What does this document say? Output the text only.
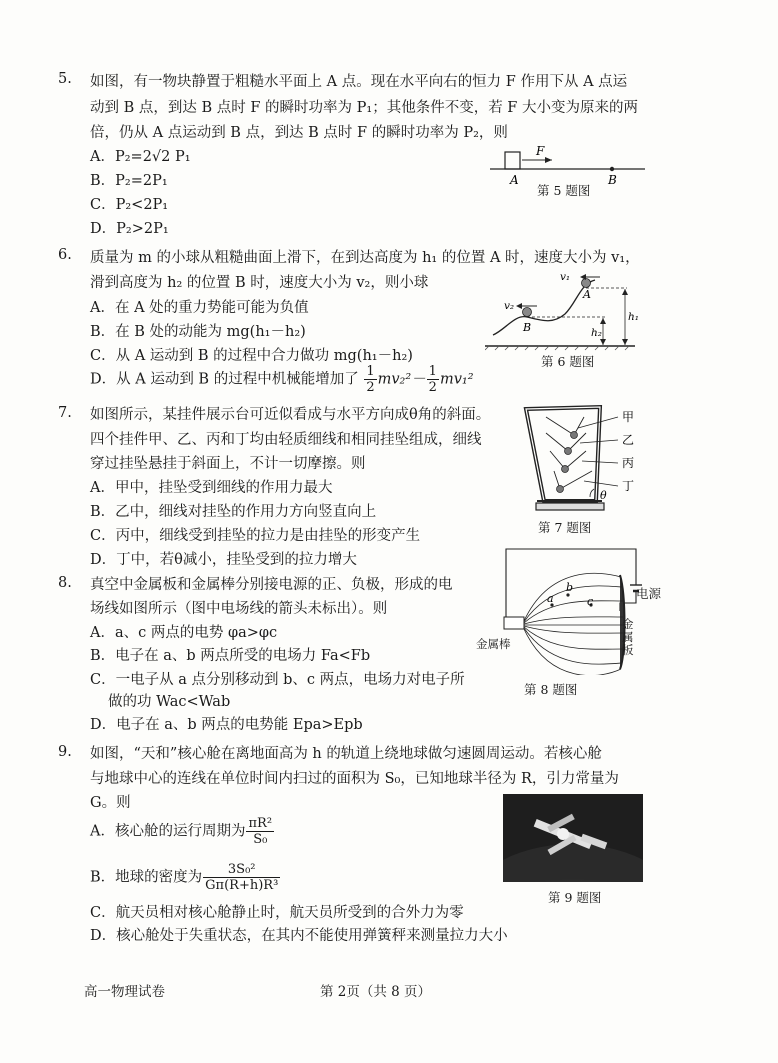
5. 如图，有一物块静置于粗糙水平面上 A 点。现在水平向右的恒力 F 作用下从 A 点运
动到 B 点，到达 B 点时 F 的瞬时功率为 P₁；其他条件不变，若 F 大小变为原来的两
倍，仍从 A 点运动到 B 点，到达 B 点时 F 的瞬时功率为 P₂，则
A．P₂=2√2 P₁
B．P₂=2P₁
C．P₂<2P₁
D．P₂>2P₁
F
A	B
第 5 题图
6. 质量为 m 的小球从粗糙曲面上滑下，在到达高度为 h₁ 的位置 A 时，速度大小为 v₁，
滑到高度为 h₂ 的位置 B 时，速度大小为 v₂，则小球
A．在 A 处的重力势能可能为负值
B．在 B 处的动能为 mg(h₁－h₂)
C．从 A 运动到 B 的过程中合力做功 mg(h₁－h₂)
D．从 A 运动到 B 的过程中机械能增加了 $\frac{1}{2} mv_2^2- \frac{1}{2} mv_1^2$
v₁
A
v₂
B
h₁
h₂
第 6 题图
7. 如图所示，某挂件展示台可近似看成与水平方向成θ角的斜面。
四个挂件甲、乙、丙和丁均由轻质细线和相同挂坠组成，细线
穿过挂坠悬挂于斜面上，不计一切摩擦。则
A．甲中，挂坠受到细线的作用力最大
B．乙中，细线对挂坠的作用力方向竖直向上
C．丙中，细线受到挂坠的拉力是由挂坠的形变产生
D．丁中，若θ减小，挂坠受到的拉力增大
甲
乙
丙
丁
θ
第 7 题图
8. 真空中金属板和金属棒分别接电源的正、负极，形成的电
场线如图所示（图中电场线的箭头未标出）。则
A．a、c 两点的电势 φa>φc
B．电子在 a、b 两点所受的电场力 Fa<Fb
C．一电子从 a 点分别移动到 b、c 两点，电场力对电子所
做的功 Wac<Wab
D．电子在 a、b 两点的电势能 Epa>Epb
a
b
c
电源
金属棒
金属板
第 8 题图
9. 如图，“天和”核心舱在离地面高为 h 的轨道上绕地球做匀速圆周运动。若核心舱
与地球中心的连线在单位时间内扫过的面积为 S₀，已知地球半径为 R，引力常量为
G。则
A．核心舱的运行周期为 $\frac{\text{πR²}}{\text{S₀}}$
B．地球的密度为 $\frac{\text{3S₀²}}{\text{Gπ(R+h)R³}}$
C．航天员相对核心舱静止时，航天员所受到的合外力为零
D．核心舱处于失重状态，在其内不能使用弹簧秤来测量拉力大小
第 9 题图
高一物理试卷	第 2页（共 8 页）
